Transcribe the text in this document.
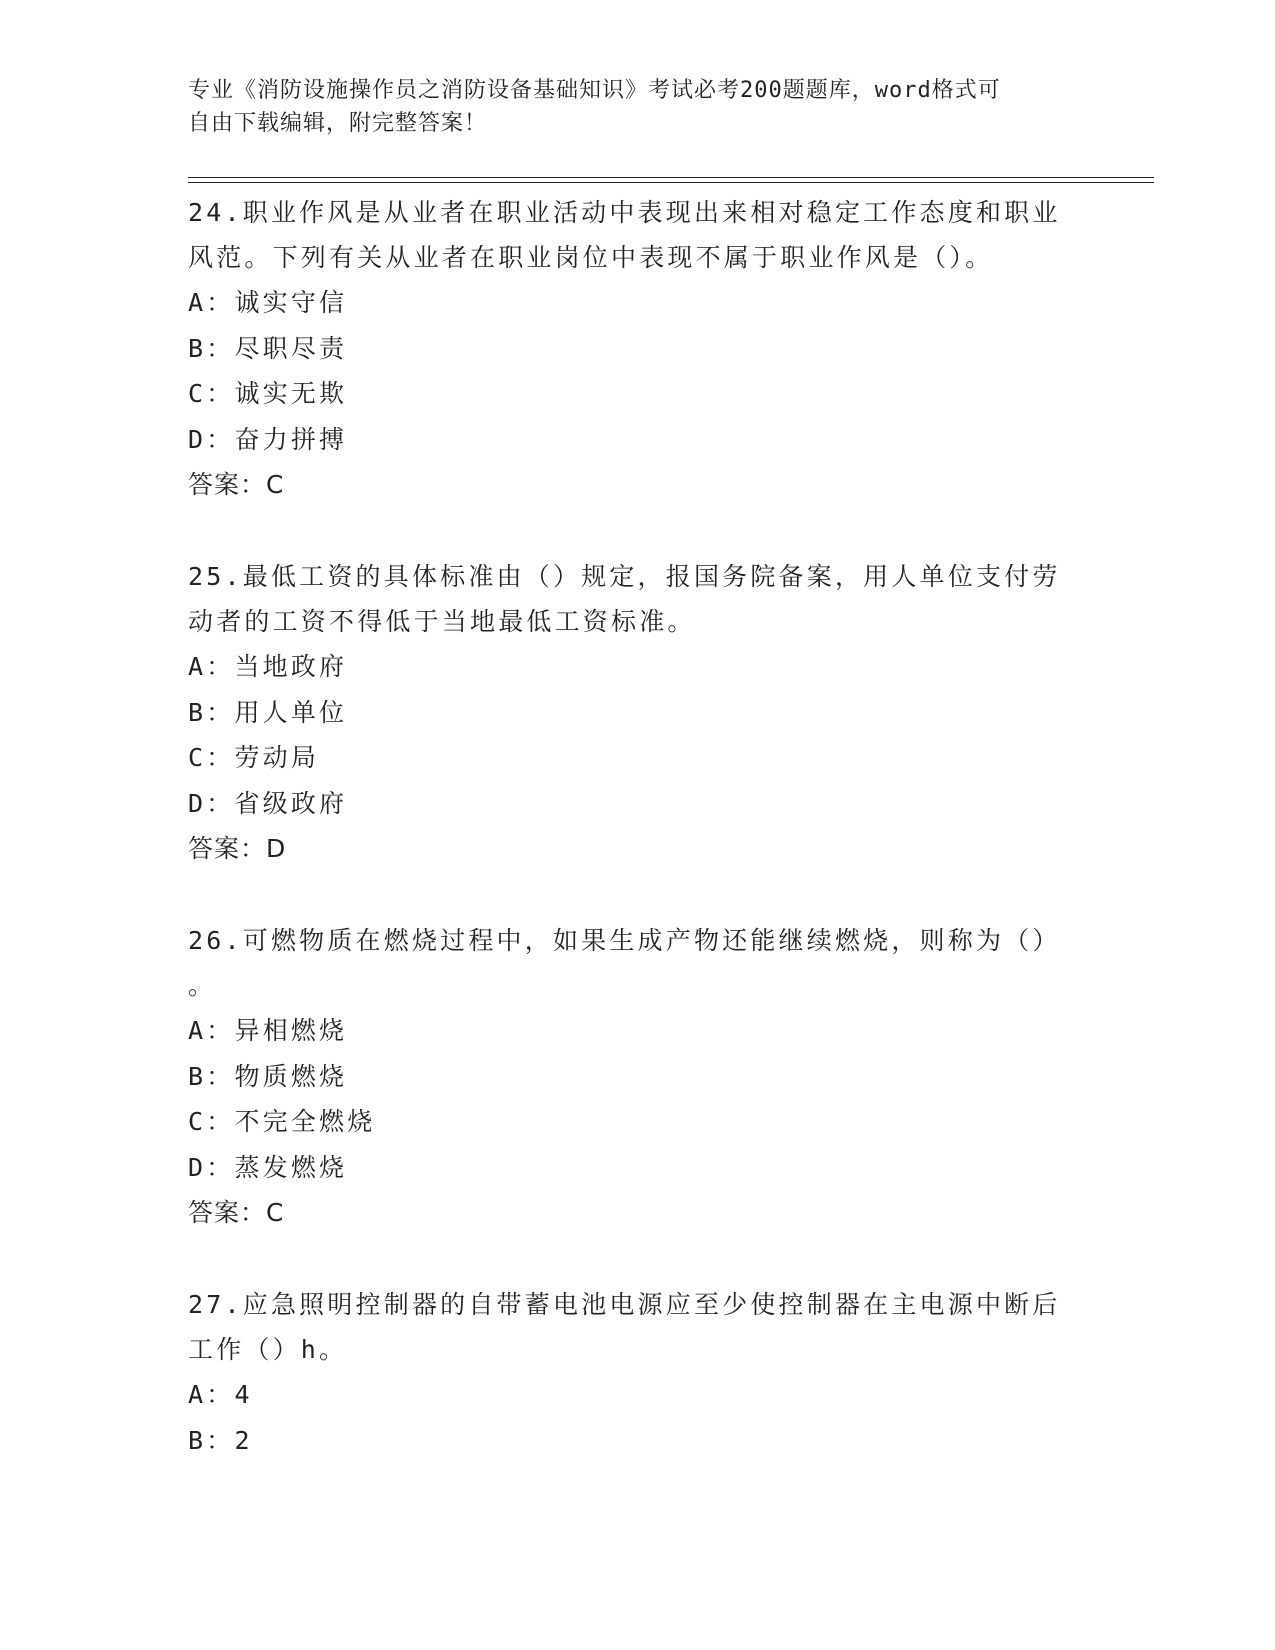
专业《消防设施操作员之消防设备基础知识》考试必考200题题库，word格式可
自由下载编辑，附完整答案！

24.职业作风是从业者在职业活动中表现出来相对稳定工作态度和职业

风范。下列有关从业者在职业岗位中表现不属于职业作风是（）。

A：诚实守信

B：尽职尽责

C：诚实无欺

D：奋力拼搏

答案：C

25.最低工资的具体标准由（）规定，报国务院备案，用人单位支付劳

动者的工资不得低于当地最低工资标准。

A：当地政府

B：用人单位

C：劳动局

D：省级政府

答案：D

26.可燃物质在燃烧过程中，如果生成产物还能继续燃烧，则称为（）

。

A：异相燃烧

B：物质燃烧

C：不完全燃烧

D：蒸发燃烧

答案：C

27.应急照明控制器的自带蓄电池电源应至少使控制器在主电源中断后

工作（）h。

A：4

B：2
